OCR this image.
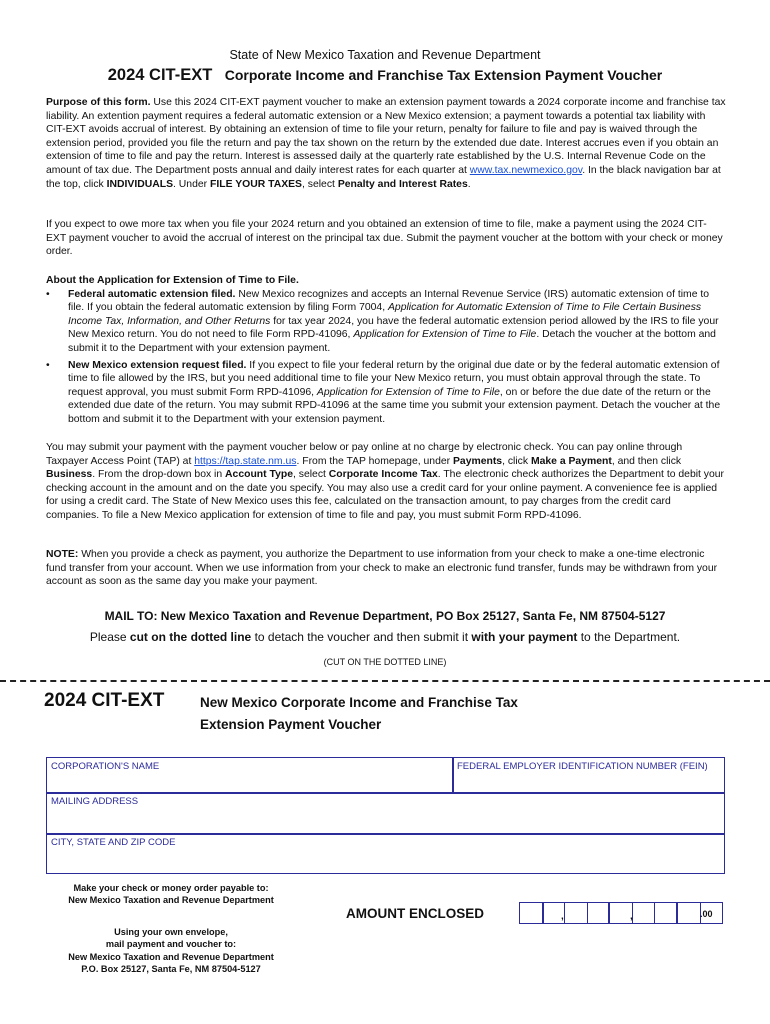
State of New Mexico Taxation and Revenue Department
2024 CIT-EXT Corporate Income and Franchise Tax Extension Payment Voucher

Purpose of this form. Use this 2024 CIT-EXT payment voucher to make an extension payment towards a 2024 corporate income and franchise tax liability. An extention payment requires a federal automatic extension or a New Mexico extension; a payment towards a potential tax liability with CIT-EXT avoids accrual of interest. By obtaining an extension of time to file your return, penalty for failure to file and pay is waived through the extension period, provided you file the return and pay the tax shown on the return by the extended due date. Interest accrues even if you obtain an extension of time to file and pay the return. Interest is assessed daily at the quarterly rate established by the U.S. Internal Revenue Code on the amount of tax due. The Department posts annual and daily interest rates for each quarter at www.tax.newmexico.gov. In the black navigation bar at the top, click INDIVIDUALS. Under FILE YOUR TAXES, select Penalty and Interest Rates.

If you expect to owe more tax when you file your 2024 return and you obtained an extension of time to file, make a payment using the 2024 CIT-EXT payment voucher to avoid the accrual of interest on the principal tax due. Submit the payment voucher at the bottom with your check or money order.

About the Application for Extension of Time to File.

• Federal automatic extension filed. New Mexico recognizes and accepts an Internal Revenue Service (IRS) automatic extension of time to file. If you obtain the federal automatic extension by filing Form 7004, Application for Automatic Extension of Time to File Certain Business Income Tax, Information, and Other Returns for tax year 2024, you have the federal automatic extension period allowed by the IRS to file your New Mexico return. You do not need to file Form RPD-41096, Application for Extension of Time to File. Detach the voucher at the bottom and submit it to the Department with your extension payment.
• New Mexico extension request filed. If you expect to file your federal return by the original due date or by the federal automatic extension of time to file allowed by the IRS, but you need additional time to file your New Mexico return, you must obtain approval through the state. To request approval, you must submit Form RPD-41096, Application for Extension of Time to File, on or before the due date of the return or the extended due date of the return. You may submit RPD-41096 at the same time you submit your extension payment. Detach the voucher at the bottom and submit it to the Department with your extension payment.

You may submit your payment with the payment voucher below or pay online at no charge by electronic check. You can pay online through Taxpayer Access Point (TAP) at https://tap.state.nm.us. From the TAP homepage, under Payments, click Make a Payment, and then click Business. From the drop-down box in Account Type, select Corporate Income Tax. The electronic check authorizes the Department to debit your checking account in the amount and on the date you specify. You may also use a credit card for your online payment. A convenience fee is applied for using a credit card. The State of New Mexico uses this fee, calculated on the transaction amount, to pay charges from the credit card companies. To file a New Mexico application for extension of time to file and pay, you must submit Form RPD-41096.

NOTE: When you provide a check as payment, you authorize the Department to use information from your check to make a one-time electronic fund transfer from your account. When we use information from your check to make an electronic fund transfer, funds may be withdrawn from your account as soon as the same day you make your payment.

MAIL TO: New Mexico Taxation and Revenue Department, PO Box 25127, Santa Fe, NM 87504-5127
Please cut on the dotted line to detach the voucher and then submit it with your payment to the Department.
(CUT ON THE DOTTED LINE)
2024 CIT-EXT	New Mexico Corporate Income and Franchise Tax
Extension Payment Voucher
CORPORATION'S NAME	FEDERAL EMPLOYER IDENTIFICATION NUMBER (FEIN)
MAILING ADDRESS
CITY, STATE AND ZIP CODE
Make your check or money order payable to:
New Mexico Taxation and Revenue Department
Using your own envelope,
mail payment and voucher to:
New Mexico Taxation and Revenue Department
P.O. Box 25127, Santa Fe, NM 87504-5127
AMOUNT ENCLOSED	,	,	.00
